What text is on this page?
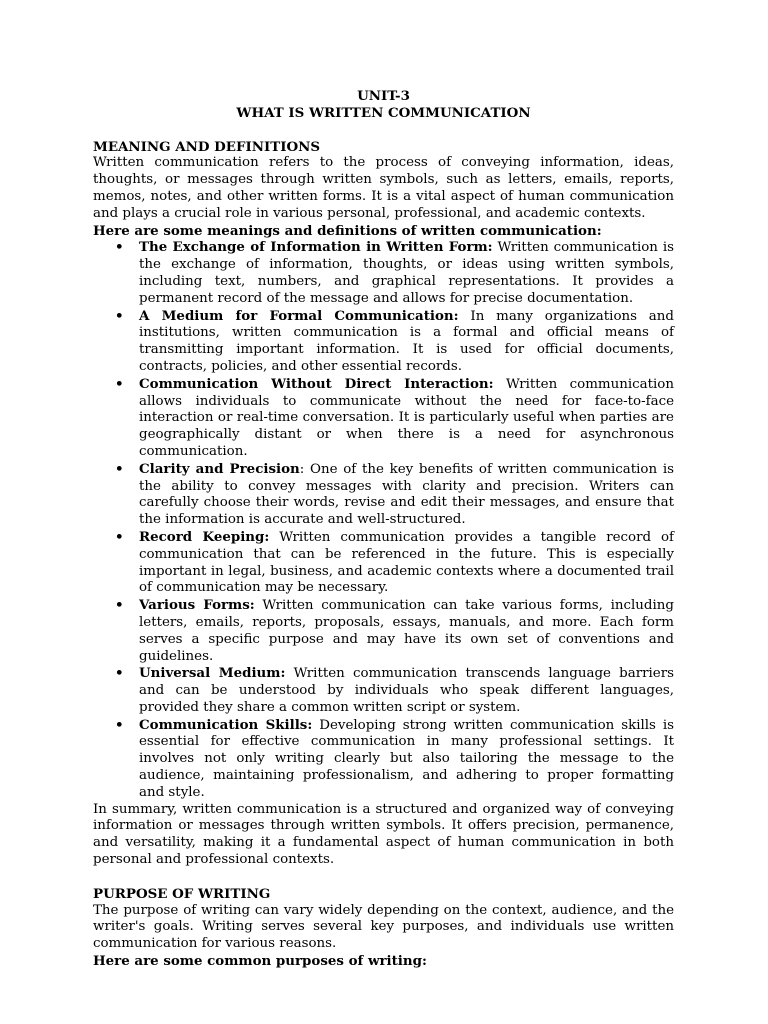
UNIT-3
WHAT IS WRITTEN COMMUNICATION
MEANING AND DEFINITIONS

Written communication refers to the process of conveying information, ideas, thoughts, or messages through written symbols, such as letters, emails, reports, memos, notes, and other written forms. It is a vital aspect of human communication and plays a crucial role in various personal, professional, and academic contexts.

Here are some meanings and definitions of written communication:
• The Exchange of Information in Written Form: Written communication is the exchange of information, thoughts, or ideas using written symbols, including text, numbers, and graphical representations. It provides a permanent record of the message and allows for precise documentation.
• A Medium for Formal Communication: In many organizations and institutions, written communication is a formal and official means of transmitting important information. It is used for official documents, contracts, policies, and other essential records.
• Communication Without Direct Interaction: Written communication allows individuals to communicate without the need for face-to-face interaction or real-time conversation. It is particularly useful when parties are geographically distant or when there is a need for asynchronous communication.
• Clarity and Precision: One of the key benefits of written communication is the ability to convey messages with clarity and precision. Writers can carefully choose their words, revise and edit their messages, and ensure that the information is accurate and well-structured.
• Record Keeping: Written communication provides a tangible record of communication that can be referenced in the future. This is especially important in legal, business, and academic contexts where a documented trail of communication may be necessary.
• Various Forms: Written communication can take various forms, including letters, emails, reports, proposals, essays, manuals, and more. Each form serves a specific purpose and may have its own set of conventions and guidelines.
• Universal Medium: Written communication transcends language barriers and can be understood by individuals who speak different languages, provided they share a common written script or system.
• Communication Skills: Developing strong written communication skills is essential for effective communication in many professional settings. It involves not only writing clearly but also tailoring the message to the audience, maintaining professionalism, and adhering to proper formatting and style.

In summary, written communication is a structured and organized way of conveying information or messages through written symbols. It offers precision, permanence, and versatility, making it a fundamental aspect of human communication in both personal and professional contexts.

PURPOSE OF WRITING

The purpose of writing can vary widely depending on the context, audience, and the writer's goals. Writing serves several key purposes, and individuals use written communication for various reasons.

Here are some common purposes of writing:
